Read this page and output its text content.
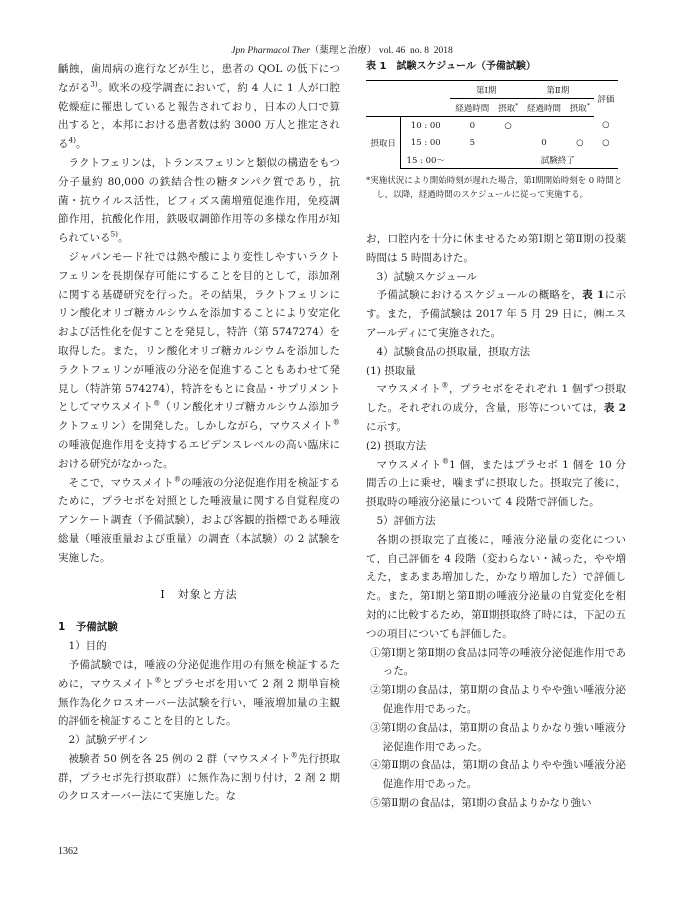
Jpn Pharmacol Ther（薬理と治療） vol. 46 no. 8 2018

齲蝕，歯周病の進行などが生じ，患者の QOL の低下につながる$^{3)}$。欧米の疫学調査において，約 4 人に 1 人が口腔乾燥症に罹患していると報告されており，日本の人口で算出すると，本邦における患者数は約 3000 万人と推定される$^{4)}$。

ラクトフェリンは，トランスフェリンと類似の構造をもつ分子量約 80,000 の鉄結合性の糖タンパク質であり，抗菌・抗ウイルス活性，ビフィズス菌増殖促進作用，免疫調節作用，抗酸化作用，鉄吸収調節作用等の多様な作用が知られている$^{5)}$。

ジャパンモード社では熱や酸により変性しやすいラクトフェリンを長期保存可能にすることを目的として，添加剤に関する基礎研究を行った。その結果，ラクトフェリンにリン酸化オリゴ糖カルシウムを添加することにより安定化および活性化を促すことを発見し，特許（第 5747274）を取得した。また，リン酸化オリゴ糖カルシウムを添加したラクトフェリンが唾液の分泌を促進することもあわせて発見し（特許第 574274），特許をもとに食品・サプリメントとしてマウスメイト®（リン酸化オリゴ糖カルシウム添加ラクトフェリン）を開発した。しかしながら，マウスメイト®の唾液促進作用を支持するエビデンスレベルの高い臨床における研究がなかった。

そこで，マウスメイト®の唾液の分泌促進作用を検証するために，プラセボを対照とした唾液量に関する自覚程度のアンケート調査（予備試験），および客観的指標である唾液総量（唾液重量および重量）の調査（本試験）の 2 試験を実施した。

Ⅰ　対象と方法

1　予備試験

1）目的

予備試験では，唾液の分泌促進作用の有無を検証するために，マウスメイト®とプラセボを用いて 2 剤 2 期単盲検無作為化クロスオーバー法試験を行い，唾液増加量の主観的評価を検証することを目的とした。

2）試験デザイン

被験者 50 例を各 25 例の 2 群（マウスメイト®先行摂取群，プラセボ先行摂取群）に無作為に割り付け，2 剤 2 期のクロスオーバー法にて実施した。な

表 1　試験スケジュール（予備試験）

		第Ⅰ期		第Ⅱ期		評価
		経過時間	摂取*	経過時間	摂取*
摂取日	10 : 00	0	○			○
	15 : 00	5		0	○	○
	15 : 00〜			試験終了		

*実施状況により開始時刻が遅れた場合，第Ⅰ期開始時刻を 0 時間とし，以降，経過時間のスケジュールに従って実施する。

お，口腔内を十分に休ませるため第Ⅰ期と第Ⅱ期の投薬時間は 5 時間あけた。

3）試験スケジュール

予備試験におけるスケジュールの概略を，表 1に示す。また，予備試験は 2017 年 5 月 29 日に，㈱エスアールディにて実施された。

4）試験食品の摂取量，摂取方法

(1) 摂取量

マウスメイト®，プラセボをそれぞれ 1 個ずつ摂取した。それぞれの成分，含量，形等については，表 2に示す。

(2) 摂取方法

マウスメイト®1 個，またはプラセボ 1 個を 10 分間舌の上に乗せ，噛まずに摂取した。摂取完了後に，摂取時の唾液分泌量について 4 段階で評価した。

5）評価方法

各期の摂取完了直後に，唾液分泌量の変化について，自己評価を 4 段階（変わらない・減った，やや増えた，まあまあ増加した，かなり増加した）で評価した。また，第Ⅰ期と第Ⅱ期の唾液分泌量の自覚変化を相対的に比較するため，第Ⅱ期摂取終了時には，下記の五つの項目についても評価した。

①第Ⅰ期と第Ⅱ期の食品は同等の唾液分泌促進作用であった。
②第Ⅰ期の食品は，第Ⅱ期の食品よりやや強い唾液分泌促進作用であった。
③第Ⅰ期の食品は，第Ⅱ期の食品よりかなり強い唾液分泌促進作用であった。
④第Ⅱ期の食品は，第Ⅰ期の食品よりやや強い唾液分泌促進作用であった。
⑤第Ⅱ期の食品は，第Ⅰ期の食品よりかなり強い
1362
